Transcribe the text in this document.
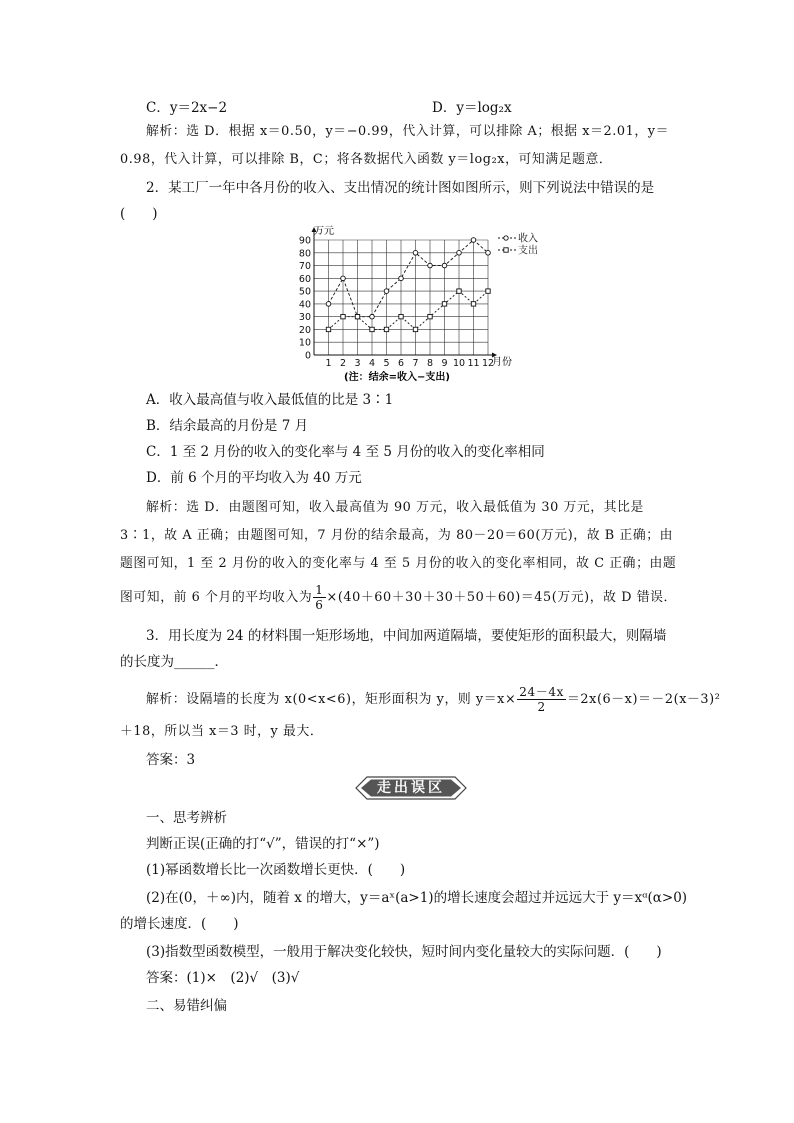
C．y＝2x−2	D．y＝log₂x
解析：选 D．根据 x＝0.50，y＝−0.99，代入计算，可以排除 A；根据 x＝2.01，y＝
0.98，代入计算，可以排除 B，C；将各数据代入函数 y＝log₂x，可知满足题意．
2．某工厂一年中各月份的收入、支出情况的统计图如图所示，则下列说法中错误的是
(　　)
0
10
20
30
40
50
60
70
80
90
1 2 3 4 5 6 7 8 9 10 11 12
万元
月份
(注：结余=收入−支出)
收入
支出
A．收入最高值与收入最低值的比是 3∶1
B．结余最高的月份是 7 月
C．1 至 2 月份的收入的变化率与 4 至 5 月份的收入的变化率相同
D．前 6 个月的平均收入为 40 万元
解析：选 D．由题图可知，收入最高值为 90 万元，收入最低值为 30 万元，其比是
3∶1，故 A 正确；由题图可知，7 月份的结余最高，为 80－20＝60(万元)，故 B 正确；由
题图可知，1 至 2 月份的收入的变化率与 4 至 5 月份的收入的变化率相同，故 C 正确；由题
图可知，前 6 个月的平均收入为 $\frac{1}{6} \times(40+60+30+30+50+60)=45$(万元)，故 D 错误．
3．用长度为 24 的材料围一矩形场地，中间加两道隔墙，要使矩形的面积最大，则隔墙
的长度为______．
解析：设隔墙的长度为 x(0<x<6)，矩形面积为 y，则 $y=x\times \frac{24-4x}{2} =2x(6-x)=-2(x-3)^2$
＋18，所以当 x＝3 时，y 最大．
答案：3
走出误区
一、思考辨析
判断正误(正确的打“√”，错误的打“×”)
(1)幂函数增长比一次函数增长更快．(　　)
(2)在(0，＋∞)内，随着 x 的增大，y＝aˣ(a>1)的增长速度会超过并远远大于 y＝xᵅ(α>0)
的增长速度．(　　)
(3)指数型函数模型，一般用于解决变化较快，短时间内变化量较大的实际问题．(　　)
答案：(1)×　(2)√　(3)√
二、易错纠偏
